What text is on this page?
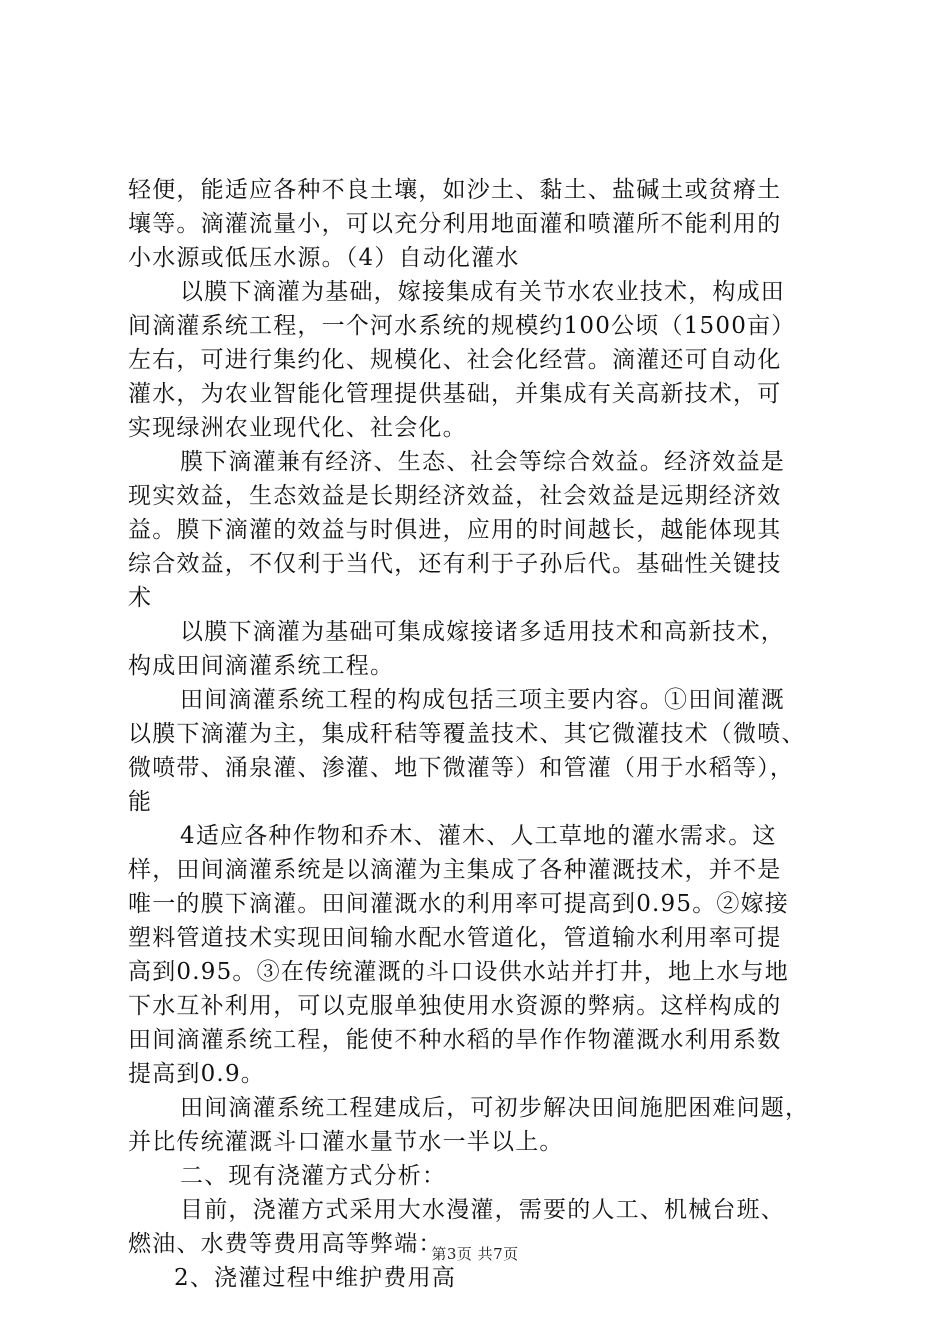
轻便，能适应各种不良土壤，如沙土、黏土、盐碱土或贫瘠土
壤等。滴灌流量小，可以充分利用地面灌和喷灌所不能利用的
小水源或低压水源。（4）自动化灌水
以膜下滴灌为基础，嫁接集成有关节水农业技术，构成田
间滴灌系统工程，一个河水系统的规模约100公顷（1500亩）
左右，可进行集约化、规模化、社会化经营。滴灌还可自动化
灌水，为农业智能化管理提供基础，并集成有关高新技术，可
实现绿洲农业现代化、社会化。
膜下滴灌兼有经济、生态、社会等综合效益。经济效益是
现实效益，生态效益是长期经济效益，社会效益是远期经济效
益。膜下滴灌的效益与时俱进，应用的时间越长，越能体现其
综合效益，不仅利于当代，还有利于子孙后代。基础性关键技
术
以膜下滴灌为基础可集成嫁接诸多适用技术和高新技术，
构成田间滴灌系统工程。
田间滴灌系统工程的构成包括三项主要内容。①田间灌溉
以膜下滴灌为主，集成秆秸等覆盖技术、其它微灌技术（微喷、
微喷带、涌泉灌、渗灌、地下微灌等）和管灌（用于水稻等），
能
4适应各种作物和乔木、灌木、人工草地的灌水需求。这
样，田间滴灌系统是以滴灌为主集成了各种灌溉技术，并不是
唯一的膜下滴灌。田间灌溉水的利用率可提高到0.95。②嫁接
塑料管道技术实现田间输水配水管道化，管道输水利用率可提
高到0.95。③在传统灌溉的斗口设供水站并打井，地上水与地
下水互补利用，可以克服单独使用水资源的弊病。这样构成的
田间滴灌系统工程，能使不种水稻的旱作作物灌溉水利用系数
提高到0.9。
田间滴灌系统工程建成后，可初步解决田间施肥困难问题，
并比传统灌溉斗口灌水量节水一半以上。
二、现有浇灌方式分析：
目前，浇灌方式采用大水漫灌，需要的人工、机械台班、
燃油、水费等费用高等弊端：
2、浇灌过程中维护费用高
第3页 共7页
